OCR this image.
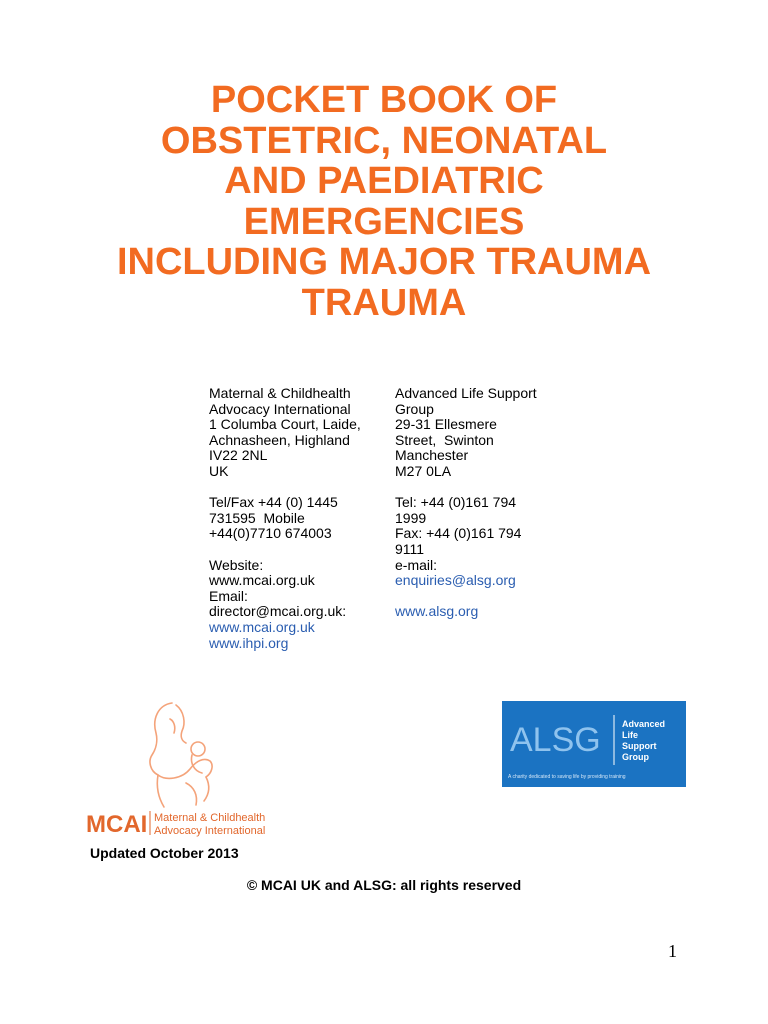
POCKET BOOK OF
OBSTETRIC, NEONATAL
AND PAEDIATRIC
EMERGENCIES
INCLUDING MAJOR TRAUMA
TRAUMA
Maternal & Childhealth
Advocacy International
1 Columba Court, Laide,
Achnasheen, Highland
IV22 2NL
UK
Tel/Fax +44 (0) 1445
731595  Mobile
+44(0)7710 674003
Website:
www.mcai.org.uk
Email:
director@mcai.org.uk:
www.mcai.org.uk
www.ihpi.org
Advanced Life Support
Group
29-31 Ellesmere
Street,  Swinton
Manchester
M27 0LA
Tel: +44 (0)161 794
1999
Fax: +44 (0)161 794
9111
e-mail:
enquiries@alsg.org
www.alsg.org
MCAI Maternal & Childhealth
Advocacy International
ALSG Advanced
Life
Support
Group
A charity dedicated to saving life by providing training
Updated October 2013
© MCAI UK and ALSG: all rights reserved
1
